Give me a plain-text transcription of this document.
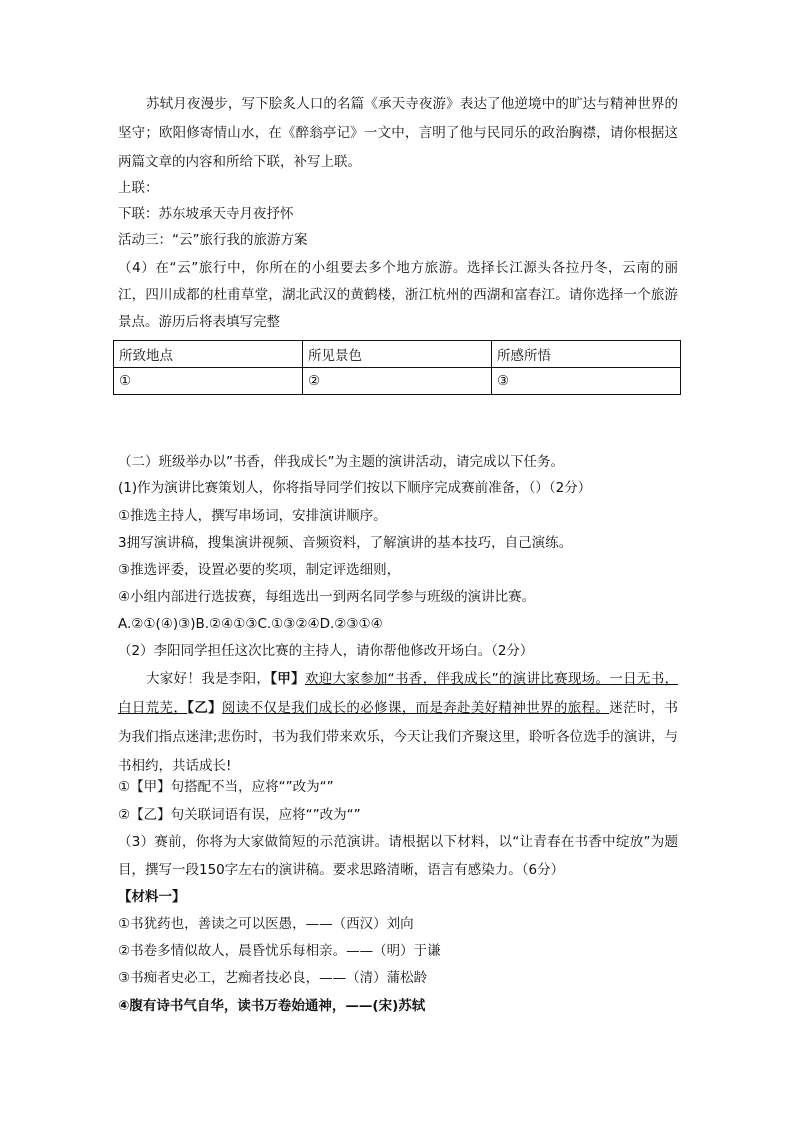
苏轼月夜漫步，写下脍炙人口的名篇《承天寺夜游》表达了他逆境中的旷达与精神世界的坚守；欧阳修寄情山水，在《醉翁亭记》一文中，言明了他与民同乐的政治胸襟，请你根据这两篇文章的内容和所给下联，补写上联。
上联：
下联：苏东坡承天寺月夜抒怀
活动三：“云”旅行我的旅游方案
（4）在“云”旅行中，你所在的小组要去多个地方旅游。选择长江源头各拉丹冬，云南的丽江，四川成都的杜甫草堂，湖北武汉的黄鹤楼，浙江杭州的西湖和富春江。请你选择一个旅游景点。游历后将表填写完整
所致地点	所见景色	所感所悟
①	②	③
（二）班级举办以”书香，伴我成长”为主题的演讲活动，请完成以下任务。
(1)作为演讲比赛策划人，你将指导同学们按以下顺序完成赛前准备，（）（2分）
①推选主持人，撰写串场词，安排演讲顺序。
3拥写演讲稿，搜集演讲视频、音频资料，了解演讲的基本技巧，自己演练。
③推选评委，设置必要的奖项，制定评选细则，
④小组内部进行选拔赛，每组选出一到两名同学参与班级的演讲比赛。
A.②①(④)③)B.②④①③C.①③②④D.②③①④
（2）李阳同学担任这次比赛的主持人，请你帮他修改开场白。（2分）
大家好！我是李阳，【甲】欢迎大家参加“书香，伴我成长”的演讲比赛现场。一日无书，白日荒芜，【乙】阅读不仅是我们成长的必修课，而是奔赴美好精神世界的旅程。迷茫时，书为我们指点迷津;悲伤时，书为我们带来欢乐，今天让我们齐聚这里，聆听各位选手的演讲，与书相约，共话成长!
①【甲】句搭配不当，应将“”改为“”
②【乙】句关联词语有误，应将“”改为“”
（3）赛前，你将为大家做简短的示范演讲。请根据以下材料，以“让青春在书香中绽放”为题目，撰写一段150字左右的演讲稿。要求思路清晰，语言有感染力。（6分）
【材料一】
①书犹药也，善读之可以医愚，——（西汉）刘向
②书卷多情似故人，晨昏忧乐每相亲。——（明）于谦
③书痴者史必工，艺痴者技必良，——（清）蒲松龄
④腹有诗书气自华，读书万卷始通神，——(宋)苏轼
